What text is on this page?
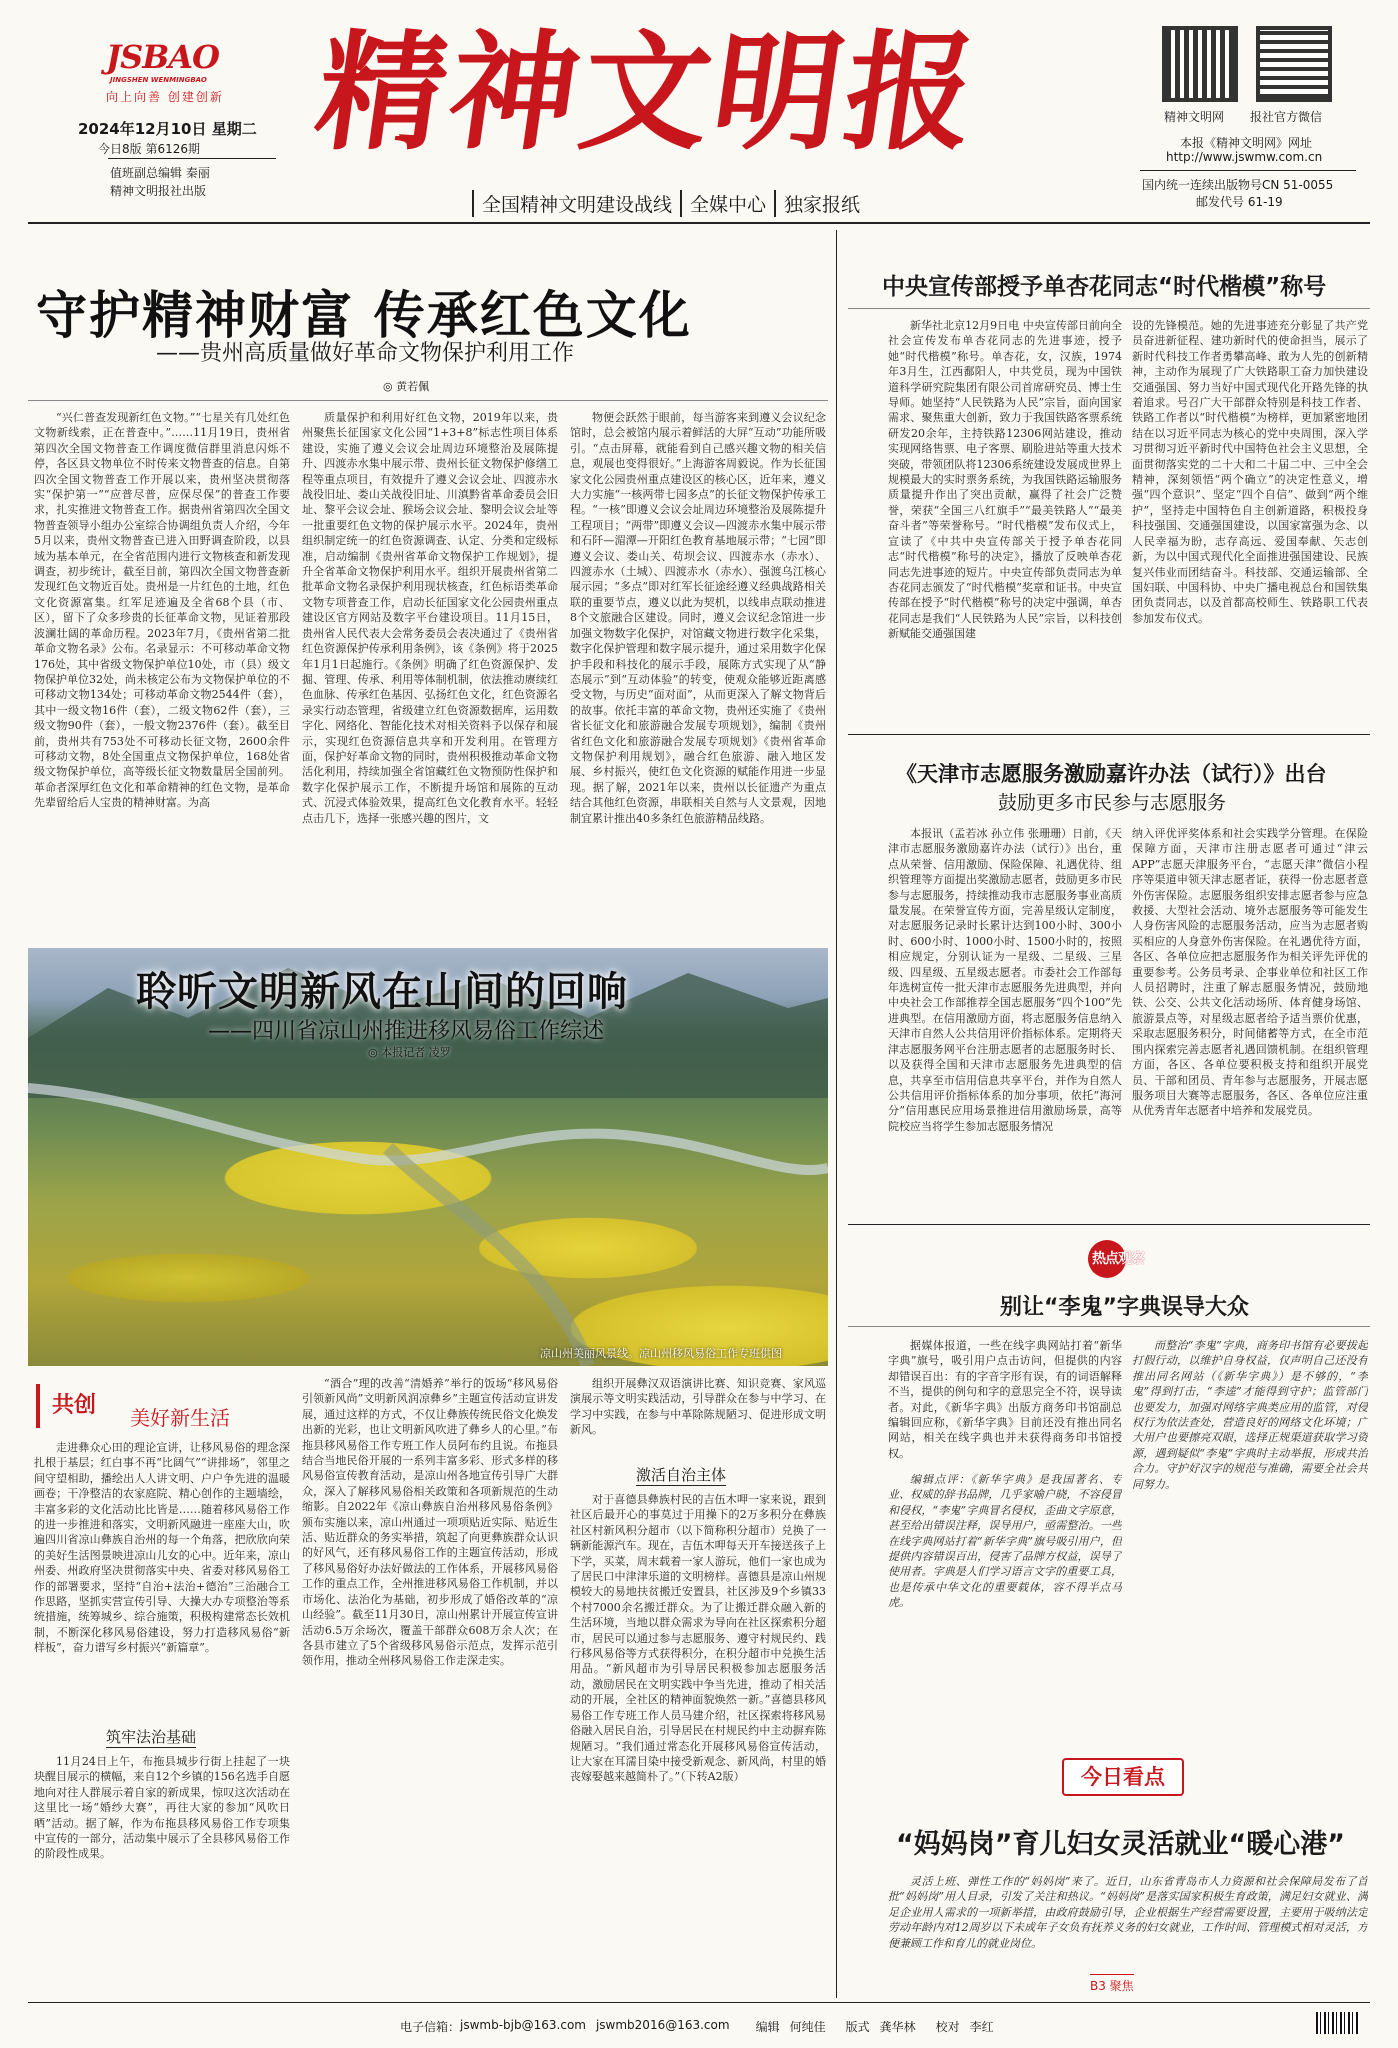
JSBAO
JINGSHEN WENMINGBAO
向上向善 创建创新
2024年12月10日 星期二
今日8版 第6126期
值班副总编辑 秦丽
精神文明报社出版
精神文明报
全国精神文明建设战线 全媒中心 独家报纸
精神文明网 报社官方微信
本报《精神文明网》网址
http://www.jswmw.com.cn
国内统一连续出版物号CN 51-0055
邮发代号 61-19
守护精神财富 传承红色文化
——贵州高质量做好革命文物保护利用工作
◎ 黄若佩
“兴仁普查发现新红色文物。”“七星关有几处红色文物新线索，正在普查中。”……11月19日，贵州省第四次全国文物普查工作调度微信群里消息闪烁不停，各区县文物单位不时传来文物普查的信息。自第四次全国文物普查工作开展以来，贵州坚决贯彻落实“保护第一”“应普尽普，应保尽保”的普查工作要求，扎实推进文物普查工作。据贵州省第四次全国文物普查领导小组办公室综合协调组负责人介绍，今年5月以来，贵州文物普查已进入田野调查阶段，以县域为基本单元，在全省范围内进行文物核查和新发现调查，初步统计，截至目前，第四次全国文物普查新发现红色文物近百处。贵州是一片红色的土地，红色文化资源富集。红军足迹遍及全省68个县（市、区），留下了众多珍贵的长征革命文物，见证着那段波澜壮阔的革命历程。2023年7月，《贵州省第二批革命文物名录》公布。名录显示：不可移动革命文物176处，其中省级文物保护单位10处，市（县）级文物保护单位32处，尚未核定公布为文物保护单位的不可移动文物134处；可移动革命文物2544件（套），其中一级文物16件（套），二级文物62件（套），三级文物90件（套），一般文物2376件（套）。截至目前，贵州共有753处不可移动长征文物，2600余件可移动文物，8处全国重点文物保护单位，168处省级文物保护单位，高等级长征文物数量居全国前列。革命者深厚红色文化和革命精神的红色文物，是革命先辈留给后人宝贵的精神财富。为高
质量保护和利用好红色文物，2019年以来，贵州聚焦长征国家文化公园“1+3+8”标志性项目体系建设，实施了遵义会议会址周边环境整治及展陈提升、四渡赤水集中展示带、贵州长征文物保护修缮工程等重点项目，有效提升了遵义会议会址、四渡赤水战役旧址、娄山关战役旧址、川滇黔省革命委员会旧址、黎平会议会址、猴场会议会址、黎明会议会址等一批重要红色文物的保护展示水平。2024年，贵州组织制定统一的红色资源调查、认定、分类和定级标准，启动编制《贵州省革命文物保护工作规划》，提升全省革命文物保护利用水平。组织开展贵州省第二批革命文物名录保护利用现状核查，红色标语类革命文物专项普查工作，启动长征国家文化公园贵州重点建设区官方网站及数字平台建设项目。11月15日，贵州省人民代表大会常务委员会表决通过了《贵州省红色资源保护传承利用条例》，该《条例》将于2025年1月1日起施行。《条例》明确了红色资源保护、发掘、管理、传承、利用等体制机制，依法推动赓续红色血脉、传承红色基因、弘扬红色文化，红色资源名录实行动态管理，省级建立红色资源数据库，运用数字化、网络化、智能化技术对相关资料予以保存和展示，实现红色资源信息共享和开发利用。在管理方面，保护好革命文物的同时，贵州积极推动革命文物活化利用，持续加强全省馆藏红色文物预防性保护和数字化保护展示工作，不断提升场馆和展陈的互动式、沉浸式体验效果，提高红色文化教育水平。轻轻点击几下，选择一张感兴趣的图片，文
物便会跃然于眼前，每当游客来到遵义会议纪念馆时，总会被馆内展示着鲜活的大屏“互动”功能所吸引。“点击屏幕，就能看到自己感兴趣文物的相关信息，观展也变得很好。”上海游客周毅说。作为长征国家文化公园贵州重点建设区的核心区，近年来，遵义大力实施“一核两带七园多点”的长征文物保护传承工程。“一核”即遵义会议会址周边环境整治及展陈提升工程项目；“两带”即遵义会议—四渡赤水集中展示带和石阡—湄潭—开阳红色教育基地展示带；“七园”即遵义会议、娄山关、苟坝会议、四渡赤水（赤水）、四渡赤水（土城）、四渡赤水（赤水）、强渡乌江核心展示园；“多点”即对红军长征途经遵义经典战路相关联的重要节点，遵义以此为契机，以线串点联动推进8个文旅融合区建设。同时，遵义会议纪念馆进一步加强文物数字化保护，对馆藏文物进行数字化采集，数字化保护管理和数字展示提升，通过采用数字化保护手段和科技化的展示手段，展陈方式实现了从“静态展示”到“互动体验”的转变，使观众能够近距离感受文物，与历史“面对面”，从而更深入了解文物背后的故事。依托丰富的革命文物，贵州还实施了《贵州省长征文化和旅游融合发展专项规划》，编制《贵州省红色文化和旅游融合发展专项规划》《贵州省革命文物保护利用规划》，融合红色旅游、融入地区发展、乡村振兴，使红色文化资源的赋能作用进一步显现。据了解，2021年以来，贵州以长征遗产为重点结合其他红色资源，串联相关自然与人文景观，因地制宜累计推出40多条红色旅游精品线路。
聆听文明新风在山间的回响
——四川省凉山州推进移风易俗工作综述
◎ 本报记者 凌罗
凉山州美丽风景线。凉山州移风易俗工作专班供图
共创 美好新生活
走进彝众心田的理论宣讲，让移风易俗的理念深扎根于基层；红白事不再“比阔气”“讲排场”，邻里之间守望相助，播绘出人人讲文明、户户争先进的温暖画卷；干净整洁的农家庭院、精心创作的主题墙绘，丰富多彩的文化活动比比皆是……随着移风易俗工作的进一步推进和落实，文明新风融进一座座大山，吹遍四川省凉山彝族自治州的每一个角落，把欣欣向荣的美好生活图景映进凉山儿女的心中。近年来，凉山州委、州政府坚决贯彻落实中央、省委对移风易俗工作的部署要求，坚持“自治+法治+德治”三治融合工作思路，坚抓实营宣传引导、大操大办专项整治等系统措施，统筹城乡、综合施策，积极构建常态长效机制，不断深化移风易俗建设，努力打造移风易俗“新样板”，奋力谱写乡村振兴“新篇章”。
筑牢法治基础
11月24日上午，布拖县城步行街上挂起了一块块醒目展示的横幅，来自12个乡镇的156名选手自愿地向对往人群展示着自家的新成果，惊叹这次活动在这里比一场“婚纱大赛”，再往大家的参加“风吹日晒”活动。据了解，作为布拖县移风易俗工作专项集中宣传的一部分，活动集中展示了全县移风易俗工作的阶段性成果。
“酒合”理的改善“清婚养”举行的饭场“移风易俗引领新风尚”文明新风润凉彝乡”主题宣传活动宣讲发展，通过这样的方式，不仅让彝族传统民俗文化焕发出新的光彩，也让文明新风吹进了彝乡人的心里。”布拖县移风易俗工作专班工作人员阿布约且说。布拖县结合当地民俗开展的一系列丰富多彩、形式多样的移风易俗宣传教育活动，是凉山州各地宣传引导广大群众，深入了解移风易俗相关政策和各项新规范的生动缩影。自2022年《凉山彝族自治州移风易俗条例》颁布实施以来，凉山州通过一项项贴近实际、贴近生活、贴近群众的务实举措，筑起了向更彝族群众认识的好风气，还有移风易俗工作的主题宣传活动，形成了移风易俗好办法好做法的工作体系，开展移风易俗工作的重点工作，全州推进移风易俗工作机制，并以市场化、法治化为基础，初步形成了婚俗改革的“凉山经验”。截至11月30日，凉山州累计开展宣传宣讲活动6.5万余场次，覆盖干部群众608万余人次；在各县市建立了5个省级移风易俗示范点，发挥示范引领作用，推动全州移风易俗工作走深走实。
组织开展彝汉双语演讲比赛、知识竞赛、家风巡演展示等文明实践活动，引导群众在参与中学习、在学习中实践，在参与中革除陈规陋习、促进形成文明新风。
激活自治主体
对于喜德县彝族村民的吉伍木呷一家来说，跟到社区后最开心的事莫过于用操下的2万多积分在彝族社区村新风积分超市（以下简称积分超市）兑换了一辆新能源汽车。现在，吉伍木呷每天开车接送孩子上下学，买菜，周末载着一家人游玩，他们一家也成为了居民口中津津乐道的文明榜样。喜德县是凉山州规模较大的易地扶贫搬迁安置县，社区涉及9个乡镇33个村7000余名搬迁群众。为了让搬迁群众融入新的生活环境，当地以群众需求为导向在社区探索积分超市，居民可以通过参与志愿服务、遵守村规民约、践行移风易俗等方式获得积分，在积分超市中兑换生活用品。“新风超市为引导居民积极参加志愿服务活动，激励居民在文明实践中争当先进，推动了相关活动的开展，全社区的精神面貌焕然一新。”喜德县移风易俗工作专班工作人员马建介绍，社区探索将移风易俗融入居民自治，引导居民在村规民约中主动摒弃陈规陋习。“我们通过常态化开展移风易俗宣传活动，让大家在耳濡目染中接受新观念、新风尚，村里的婚丧嫁娶越来越简朴了。”（下转A2版）
中央宣传部授予单杏花同志“时代楷模”称号
新华社北京12月9日电 中央宣传部日前向全社会宣传发布单杏花同志的先进事迹，授予她“时代楷模”称号。单杏花，女，汉族，1974年3月生，江西鄱阳人，中共党员，现为中国铁道科学研究院集团有限公司首席研究员、博士生导师。她坚持“人民铁路为人民”宗旨，面向国家需求、聚焦重大创新，致力于我国铁路客票系统研发20余年，主持铁路12306网站建设，推动实现网络售票、电子客票、刷脸进站等重大技术突破，带领团队将12306系统建设发展成世界上规模最大的实时票务系统，为我国铁路运输服务质量提升作出了突出贡献，赢得了社会广泛赞誉，荣获“全国三八红旗手”“最美铁路人”“最美奋斗者”等荣誉称号。“时代楷模”发布仪式上，宣读了《中共中央宣传部关于授予单杏花同志“时代楷模”称号的决定》，播放了反映单杏花同志先进事迹的短片。中央宣传部负责同志为单杏花同志颁发了“时代楷模”奖章和证书。中央宣传部在授予“时代楷模”称号的决定中强调，单杏花同志是我们“人民铁路为人民”宗旨，以科技创新赋能交通强国建
设的先锋模范。她的先进事迹充分彰显了共产党员奋进新征程、建功新时代的使命担当，展示了新时代科技工作者勇攀高峰、敢为人先的创新精神，主动作为展现了广大铁路职工奋力加快建设交通强国、努力当好中国式现代化开路先锋的执着追求。号召广大干部群众特别是科技工作者、铁路工作者以“时代楷模”为榜样，更加紧密地团结在以习近平同志为核心的党中央周围，深入学习贯彻习近平新时代中国特色社会主义思想，全面贯彻落实党的二十大和二十届二中、三中全会精神，深刻领悟“两个确立”的决定性意义，增强“四个意识”、坚定“四个自信”、做到“两个维护”，坚持走中国特色自主创新道路，积极投身科技强国、交通强国建设，以国家富强为念、以人民幸福为盼，志存高远、爱国奉献、矢志创新，为以中国式现代化全面推进强国建设、民族复兴伟业而团结奋斗。科技部、交通运输部、全国妇联、中国科协、中央广播电视总台和国铁集团负责同志，以及首都高校师生、铁路职工代表参加发布仪式。
《天津市志愿服务激励嘉许办法（试行）》出台
鼓励更多市民参与志愿服务
本报讯（孟若冰 孙立伟 张珊珊）日前，《天津市志愿服务激励嘉许办法（试行）》出台，重点从荣誉、信用激励、保险保障、礼遇优待、组织管理等方面提出奖激励志愿者，鼓励更多市民参与志愿服务，持续推动我市志愿服务事业高质量发展。在荣誉宣传方面，完善星级认定制度，对志愿服务记录时长累计达到100小时、300小时、600小时、1000小时、1500小时的，按照相应规定，分别认证为一星级、二星级、三星级、四星级、五星级志愿者。市委社会工作部每年选树宣传一批天津市志愿服务先进典型，并向中央社会工作部推荐全国志愿服务“四个100”先进典型。在信用激励方面，将志愿服务信息纳入天津市自然人公共信用评价指标体系。定期将天津志愿服务网平台注册志愿者的志愿服务时长、以及获得全国和天津市志愿服务先进典型的信息，共享至市信用信息共享平台，并作为自然人公共信用评价指标体系的加分事项，依托“海河分”信用惠民应用场景推进信用激励场景，高等院校应当将学生参加志愿服务情况
纳入评优评奖体系和社会实践学分管理。在保险保障方面，天津市注册志愿者可通过“津云APP”志愿天津服务平台，“志愿天津”微信小程序等渠道申领天津志愿者证，获得一份志愿者意外伤害保险。志愿服务组织安排志愿者参与应急救援、大型社会活动、境外志愿服务等可能发生人身伤害风险的志愿服务活动，应当为志愿者购买相应的人身意外伤害保险。在礼遇优待方面，各区、各单位应把志愿服务作为相关评先评优的重要参考。公务员考录、企事业单位和社区工作人员招聘时，注重了解志愿服务情况，鼓励地铁、公交、公共文化活动场所、体育健身场馆、旅游景点等，对星级志愿者给予适当票价优惠，采取志愿服务积分，时间储蓄等方式，在全市范围内探索完善志愿者礼遇回馈机制。在组织管理方面，各区、各单位要积极支持和组织开展党员、干部和团员、青年参与志愿服务，开展志愿服务项目大赛等志愿服务，各区、各单位应注重从优秀青年志愿者中培养和发展党员。
热点观察
别让“李鬼”字典误导大众
据媒体报道，一些在线字典网站打着“新华字典”旗号，吸引用户点击访问，但提供的内容却错误百出：有的字音字形有误，有的词语解释不当，提供的例句和字的意思完全不符，误导读者。对此，《新华字典》出版方商务印书馆副总编辑回应称，《新华字典》目前还没有推出同名网站，相关在线字典也并未获得商务印书馆授权。
编辑点评：《新华字典》是我国著名、专业、权威的辞书品牌，几乎家喻户晓，不容侵冒和侵权，“李鬼”字典冒名侵权，歪曲文字原意，甚至给出错误注释，误导用户，亟需整治。一些在线字典网站打着“新华字典”旗号吸引用户，但提供内容错误百出，侵害了品牌方权益，误导了使用者。字典是人们学习语言文字的重要工具，也是传承中华文化的重要载体，容不得半点马虎。
而整治“李鬼”字典，商务印书馆有必要拔起打假行动，以维护自身权益，仅声明自己还没有推出同名网站（《新华字典》）是不够的，“李鬼”得到打击，“李逵”才能得到守护；监管部门也要发力，加强对网络字典类应用的监管，对侵权行为依法查处，营造良好的网络文化环境；广大用户也要擦亮双眼，选择正规渠道获取学习资源，遇到疑似“李鬼”字典时主动举报，形成共治合力。守护好汉字的规范与准确，需要全社会共同努力。
今日看点
“妈妈岗”育儿妇女灵活就业“暖心港”
灵活上班、弹性工作的“妈妈岗”来了。近日，山东省青岛市人力资源和社会保障局发布了首批“妈妈岗”用人目录，引发了关注和热议。“妈妈岗”是落实国家积极生育政策，满足妇女就业、满足企业用人需求的一项新举措，由政府鼓励引导，企业根据生产经营需要设置，主要用于吸纳法定劳动年龄内对12周岁以下未成年子女负有抚养义务的妇女就业，工作时间、管理模式相对灵活，方便兼顾工作和育儿的就业岗位。
B3 聚焦
电子信箱： jswmb-bjb@163.com jswmb2016@163.com 编辑 何纯佳 版式 龚华林 校对 李红
